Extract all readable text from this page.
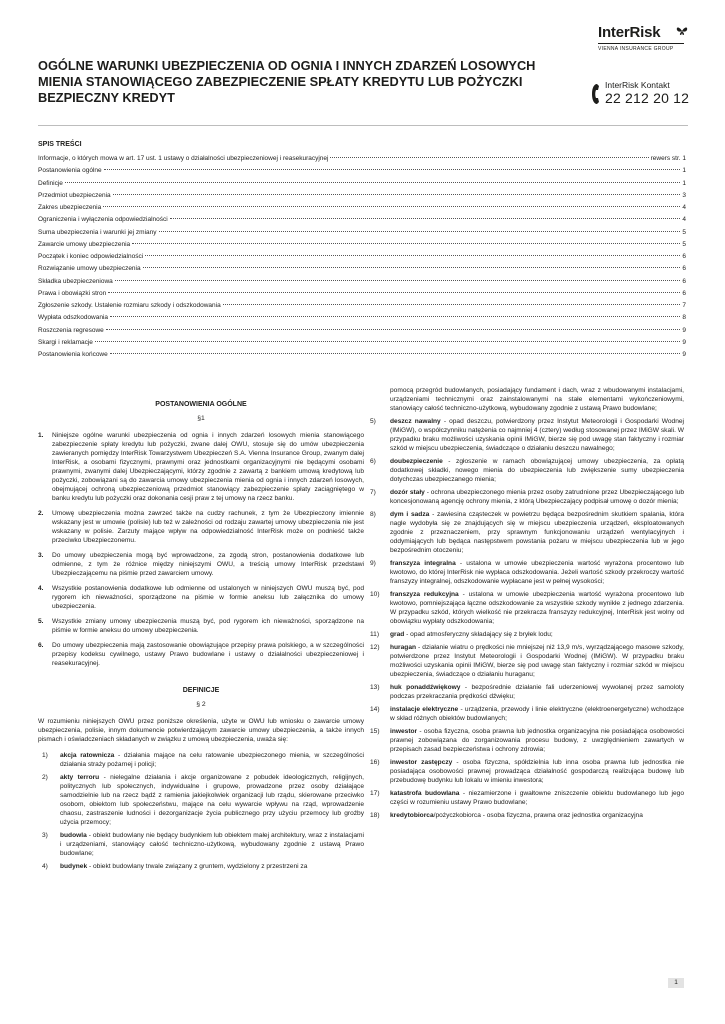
InterRisk
VIENNA INSURANCE GROUP
InterRisk Kontakt
22 212 20 12
OGÓLNE WARUNKI UBEZPIECZENIA OD OGNIA I INNYCH ZDARZEŃ LOSOWYCH MIENIA STANOWIĄCEGO ZABEZPIECZENIE SPŁATY KREDYTU LUB POŻYCZKI BEZPIECZNY KREDYT
SPIS TREŚCI
Informacje, o których mowa w art. 17 ust. 1 ustawy o działalności ubezpieczeniowej i reasekuracyjnej	rewers str. 1
Postanowienia ogólne	1
Definicje	1
Przedmiot ubezpieczenia	3
Zakres ubezpieczenia	4
Ograniczenia i wyłączenia odpowiedzialności	4
Suma ubezpieczenia i warunki jej zmiany	5
Zawarcie umowy ubezpieczenia	5
Początek i koniec odpowiedzialności	6
Rozwiązanie umowy ubezpieczenia	6
Składka ubezpieczeniowa	6
Prawa i obowiązki stron	6
Zgłoszenie szkody. Ustalenie rozmiaru szkody i odszkodowania	7
Wypłata odszkodowania	8
Roszczenia regresowe	9
Skargi i reklamacje	9
Postanowienia końcowe	9
POSTANOWIENIA OGÓLNE
§1
1.	Niniejsze ogólne warunki ubezpieczenia od ognia i innych zdarzeń losowych mienia stanowiącego zabezpieczenie spłaty kredytu lub pożyczki, zwane dalej OWU, stosuje się do umów ubezpieczenia zawieranych pomiędzy InterRisk Towarzystwem Ubezpieczeń S.A. Vienna Insurance Group, zwanym dalej InterRisk, a osobami fizycznymi, prawnymi oraz jednostkami organizacyjnymi nie będącymi osobami prawnymi, zwanymi dalej Ubezpieczającymi, którzy zgodnie z zawartą z bankiem umową kredytową lub pożyczki, zobowiązani są do zawarcia umowy ubezpieczenia mienia od ognia i innych zdarzeń losowych, obejmującej ochroną ubezpieczeniową przedmiot stanowiący zabezpieczenie spłaty zaciągniętego w banku kredytu lub pożyczki oraz dokonania cesji praw z tej umowy na rzecz banku.
2.	Umowę ubezpieczenia można zawrzeć także na cudzy rachunek, z tym że Ubezpieczony imiennie wskazany jest w umowie (polisie) lub też w zależności od rodzaju zawartej umowy ubezpieczenia nie jest wskazany w polisie. Zarzuty mające wpływ na odpowiedzialność InterRisk może on podnieść także przeciwko Ubezpieczonemu.
3.	Do umowy ubezpieczenia mogą być wprowadzone, za zgodą stron, postanowienia dodatkowe lub odmienne, z tym że różnice między niniejszymi OWU, a treścią umowy InterRisk przedstawi Ubezpieczającemu na piśmie przed zawarciem umowy.
4.	Wszystkie postanowienia dodatkowe lub odmienne od ustalonych w niniejszych OWU muszą być, pod rygorem ich nieważności, sporządzone na piśmie w formie aneksu lub załącznika do umowy ubezpieczenia.
5.	Wszystkie zmiany umowy ubezpieczenia muszą być, pod rygorem ich nieważności, sporządzone na piśmie w formie aneksu do umowy ubezpieczenia.
6.	Do umowy ubezpieczenia mają zastosowanie obowiązujące przepisy prawa polskiego, a w szczególności przepisy kodeksu cywilnego, ustawy Prawo budowlane i ustawy o działalności ubezpieczeniowej i reasekuracyjnej.
DEFINICJE
§ 2
W rozumieniu niniejszych OWU przez poniższe określenia, użyte w OWU lub wniosku o zawarcie umowy ubezpieczenia, polisie, innym dokumencie potwierdzającym zawarcie umowy ubezpieczenia, a także innych pismach i oświadczeniach składanych w związku z umową ubezpieczenia, uważa się:
1)	akcja ratownicza - działania mające na celu ratowanie ubezpieczonego mienia, w szczególności działania straży pożarnej i policji;
2)	akty terroru - nielegalne działania i akcje organizowane z pobudek ideologicznych, religijnych, politycznych lub społecznych, indywidualne i grupowe, prowadzone przez osoby działające samodzielnie lub na rzecz bądź z ramienia jakiejkolwiek organizacji lub rządu, skierowane przeciwko osobom, obiektom lub społeczeństwu, mające na celu wywarcie wpływu na rząd, wprowadzenie chaosu, zastraszenie ludności i dezorganizacje życia publicznego przy użyciu przemocy lub groźby użycia przemocy;
3)	budowla - obiekt budowlany nie będący budynkiem lub obiektem małej architektury, wraz z instalacjami i urządzeniami, stanowiący całość techniczno-użytkową, wybudowany zgodnie z ustawą Prawo budowlane;
4)	budynek - obiekt budowlany trwale związany z gruntem, wydzielony z przestrzeni za
pomocą przegród budowlanych, posiadający fundament i dach, wraz z wbudowanymi instalacjami, urządzeniami technicznymi oraz zainstalowanymi na stałe elementami wykończeniowymi, stanowiący całość techniczno-użytkową, wybudowany zgodnie z ustawą Prawo budowlane;
5)	deszcz nawalny - opad deszczu, potwierdzony przez Instytut Meteorologii i Gospodarki Wodnej (IMiGW), o współczynniku natężenia co najmniej 4 (cztery) według stosowanej przez IMiGW skali. W przypadku braku możliwości uzyskania opinii IMiGW, bierze się pod uwagę stan faktyczny i rozmiar szkód w miejscu ubezpieczenia, świadczące o działaniu deszczu nawalnego;
6)	doubezpieczenie - zgłoszenie w ramach obowiązującej umowy ubezpieczenia, za opłatą dodatkowej składki, nowego mienia do ubezpieczenia lub zwiększenie sumy ubezpieczenia dotychczas ubezpieczanego mienia;
7)	dozór stały - ochrona ubezpieczonego mienia przez osoby zatrudnione przez Ubezpieczającego lub koncesjonowaną agencję ochrony mienia, z którą Ubezpieczający podpisał umowę o dozór mienia;
8)	dym i sadza - zawiesina cząsteczek w powietrzu będąca bezpośrednim skutkiem spalania, która nagle wydobyła się ze znajdujących się w miejscu ubezpieczenia urządzeń, eksploatowanych zgodnie z przeznaczeniem, przy sprawnym funkcjonowaniu urządzeń wentylacyjnych i oddymiających lub będąca następstwem powstania pożaru w miejscu ubezpieczenia lub w jego bezpośrednim otoczeniu;
9)	franszyza integralna - ustalona w umowie ubezpieczenia wartość wyrażona procentowo lub kwotowo, do której InterRisk nie wypłaca odszkodowania. Jeżeli wartość szkody przekroczy wartość franszyzy integralnej, odszkodowanie wypłacane jest w pełnej wysokości;
10)	franszyza redukcyjna - ustalona w umowie ubezpieczenia wartość wyrażona procentowo lub kwotowo, pomniejszająca łączne odszkodowanie za wszystkie szkody wynikłe z jednego zdarzenia. W przypadku szkód, których wielkość nie przekracza franszyzy redukcyjnej, InterRisk jest wolny od obowiązku wypłaty odszkodowania;
11)	grad - opad atmosferyczny składający się z bryłek lodu;
12)	huragan - działanie wiatru o prędkości nie mniejszej niż 13,9 m/s, wyrządzającego masowe szkody, potwierdzone przez Instytut Meteorologii i Gospodarki Wodnej (IMiGW). W przypadku braku możliwości uzyskania opinii IMiGW, bierze się pod uwagę stan faktyczny i rozmiar szkód w miejscu ubezpieczenia, świadczące o działaniu huraganu;
13)	huk ponaddźwiękowy - bezpośrednie działanie fali uderzeniowej wywołanej przez samoloty podczas przekraczania prędkości dźwięku;
14)	instalacje elektryczne - urządzenia, przewody i linie elektryczne (elektroenergetyczne) wchodzące w skład różnych obiektów budowlanych;
15)	inwestor - osoba fizyczna, osoba prawna lub jednostka organizacyjna nie posiadająca osobowości prawnej zobowiązana do zorganizowania procesu budowy, z uwzględnieniem zawartych w przepisach zasad bezpieczeństwa i ochrony zdrowia;
16)	inwestor zastępczy - osoba fizyczna, spółdzielnia lub inna osoba prawna lub jednostka nie posiadająca osobowości prawnej prowadząca działalność gospodarczą realizująca budowę lub przebudowę budynku lub lokalu w imieniu inwestora;
17)	katastrofa budowlana - niezamierzone i gwałtowne zniszczenie obiektu budowlanego lub jego części w rozumieniu ustawy Prawo budowlane;
18)	kredytobiorca/pożyczkobiorca - osoba fizyczna, prawna oraz jednostka organizacyjna
1
